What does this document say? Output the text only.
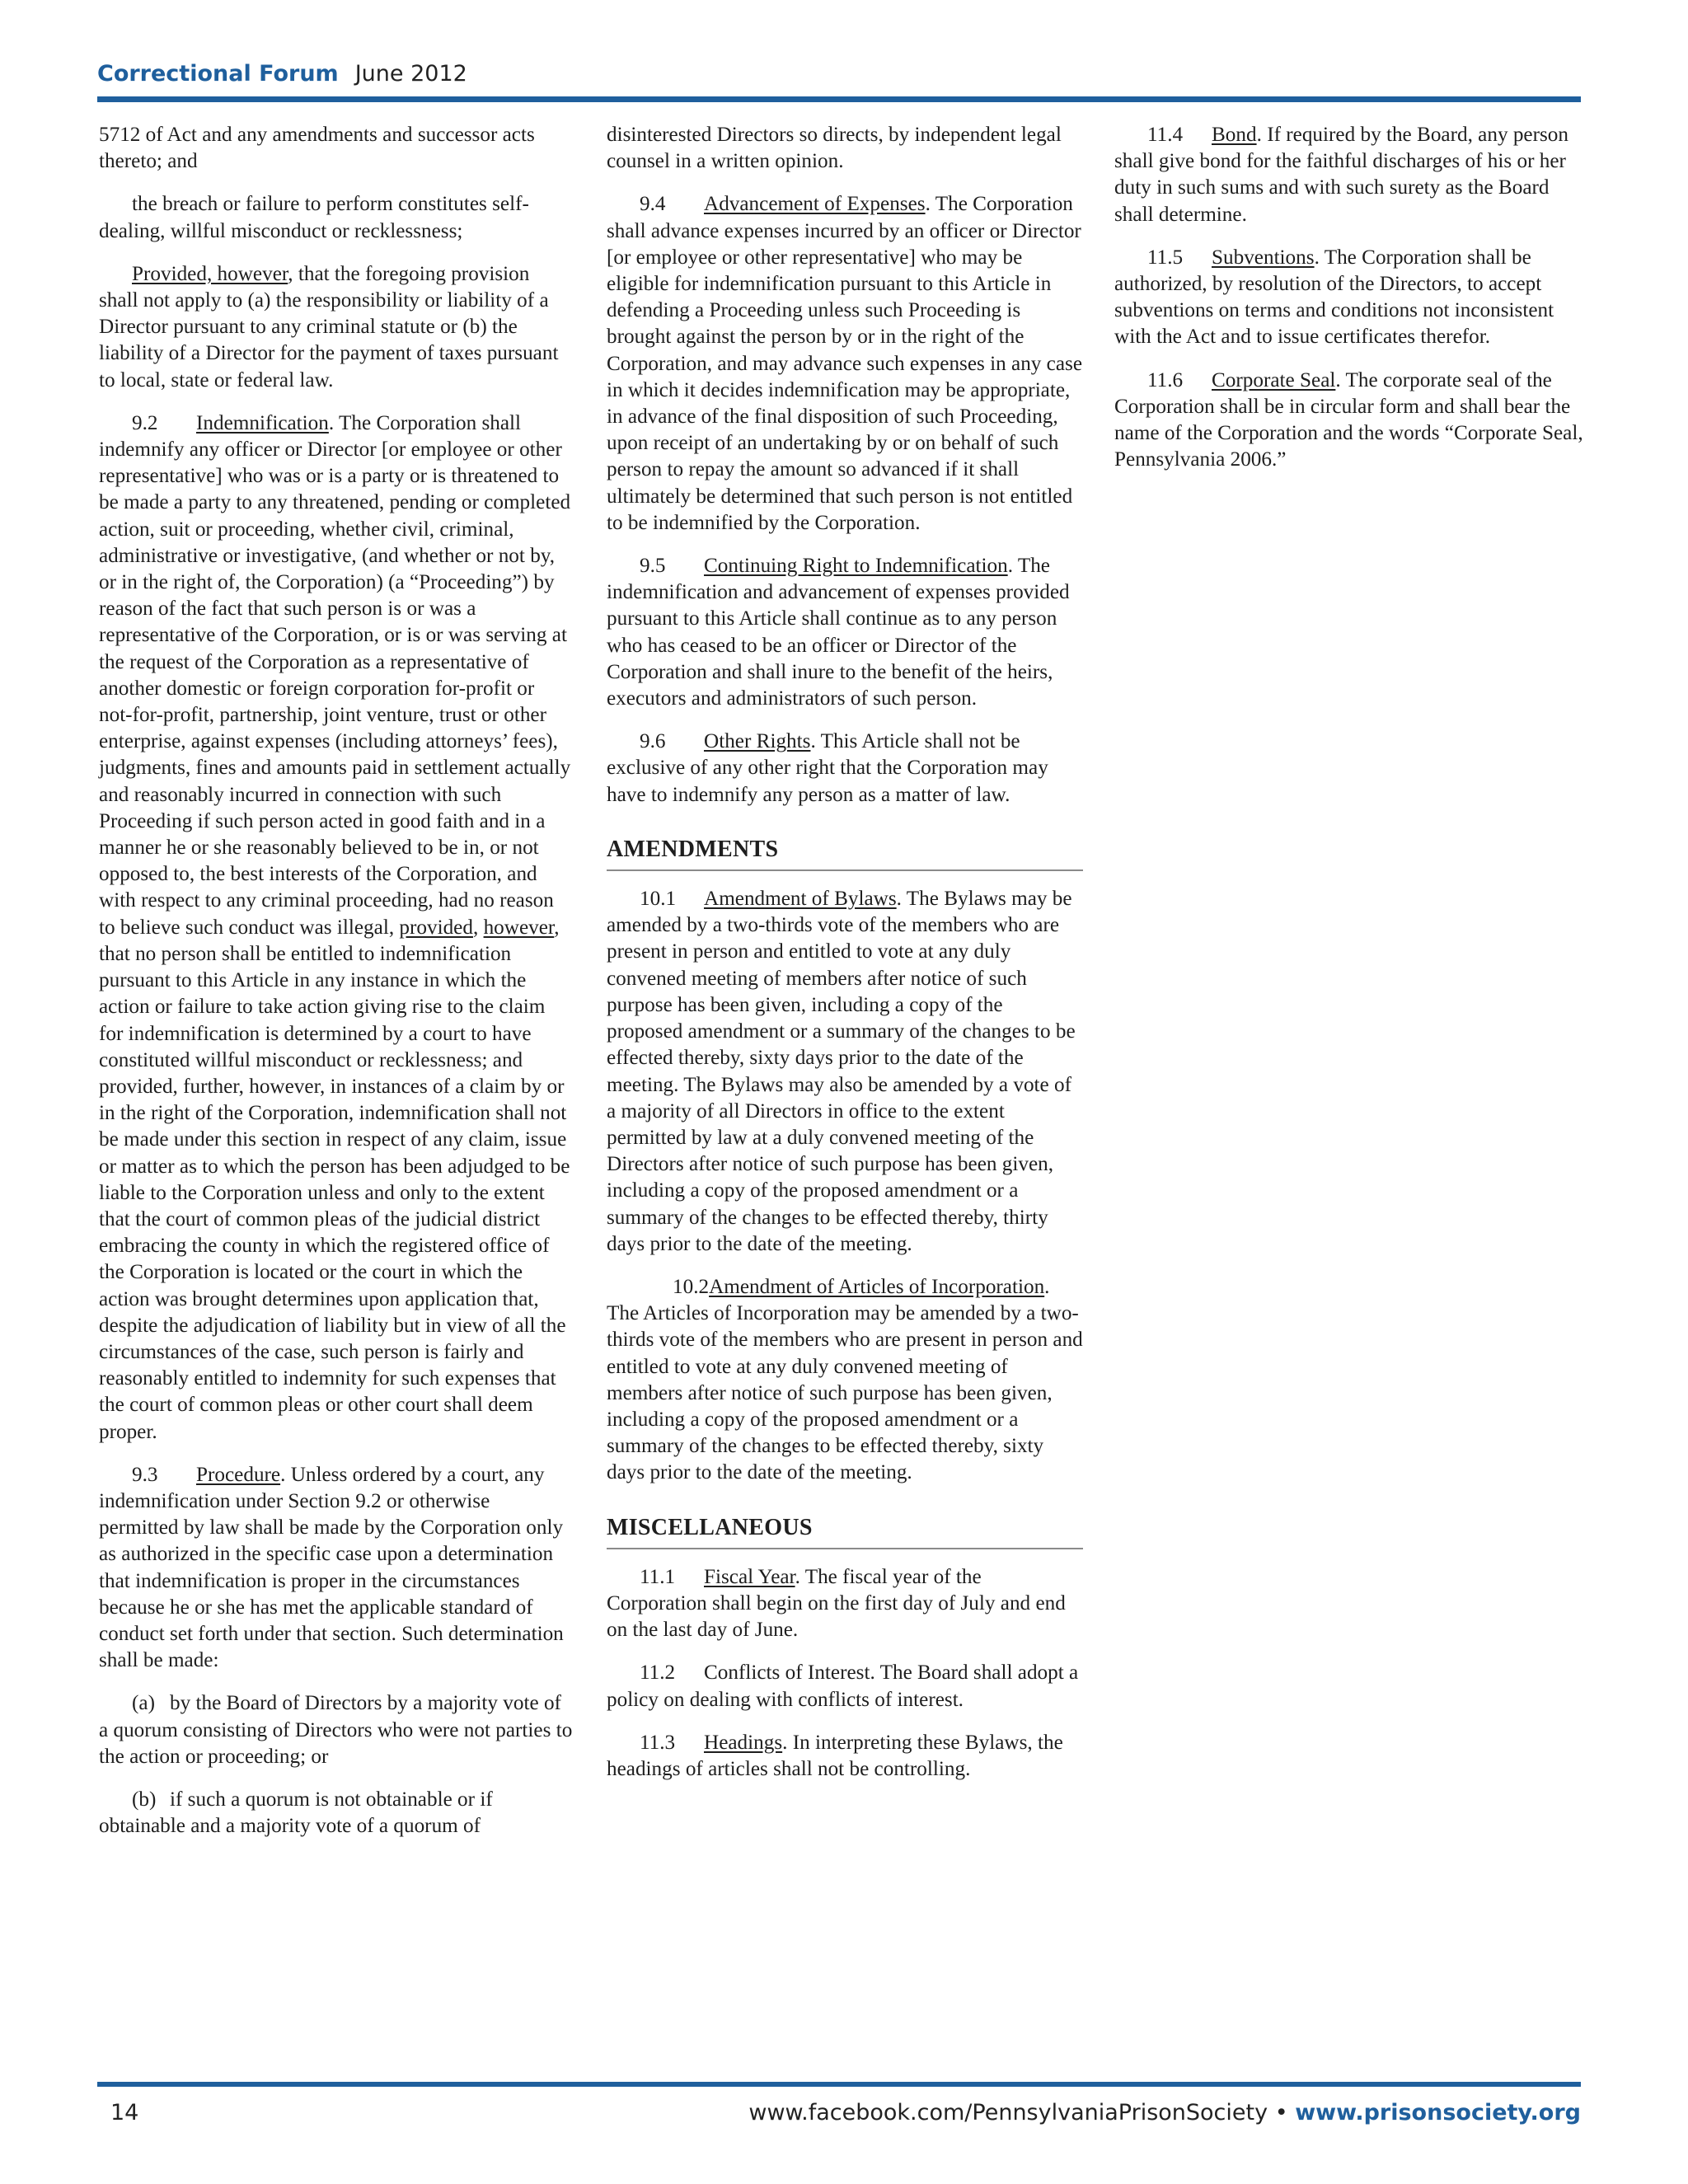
Correctional Forum June 2012

5712 of Act and any amendments and successor acts thereto; and

the breach or failure to perform constitutes self-dealing, willful misconduct or recklessness;

Provided, however, that the foregoing provision shall not apply to (a) the responsibility or liability of a Director pursuant to any criminal statute or (b) the liability of a Director for the payment of taxes pursuant to local, state or federal law.

9.2 Indemnification. The Corporation shall indemnify any officer or Director [or employee or other representative] who was or is a party or is threatened to be made a party to any threatened, pending or completed action, suit or proceeding, whether civil, criminal, administrative or investigative, (and whether or not by, or in the right of, the Corporation) (a “Proceeding”) by reason of the fact that such person is or was a representative of the Corporation, or is or was serving at the request of the Corporation as a representative of another domestic or foreign corporation for-profit or not-for-profit, partnership, joint venture, trust or other enterprise, against expenses (including attorneys’ fees), judgments, fines and amounts paid in settlement actually and reasonably incurred in connection with such Proceeding if such person acted in good faith and in a manner he or she reasonably believed to be in, or not opposed to, the best interests of the Corporation, and with respect to any criminal proceeding, had no reason to believe such conduct was illegal, provided, however, that no person shall be entitled to indemnification pursuant to this Article in any instance in which the action or failure to take action giving rise to the claim for indemnification is determined by a court to have constituted willful misconduct or recklessness; and provided, further, however, in instances of a claim by or in the right of the Corporation, indemnification shall not be made under this section in respect of any claim, issue or matter as to which the person has been adjudged to be liable to the Corporation unless and only to the extent that the court of common pleas of the judicial district embracing the county in which the registered office of the Corporation is located or the court in which the action was brought determines upon application that, despite the adjudication of liability but in view of all the circumstances of the case, such person is fairly and reasonably entitled to indemnity for such expenses that the court of common pleas or other court shall deem proper.

9.3 Procedure. Unless ordered by a court, any indemnification under Section 9.2 or otherwise permitted by law shall be made by the Corporation only as authorized in the specific case upon a determination that indemnification is proper in the circumstances because he or she has met the applicable standard of conduct set forth under that section. Such determination shall be made:

(a) by the Board of Directors by a majority vote of a quorum consisting of Directors who were not parties to the action or proceeding; or

(b) if such a quorum is not obtainable or if obtainable and a majority vote of a quorum of

disinterested Directors so directs, by independent legal counsel in a written opinion.

9.4 Advancement of Expenses. The Corporation shall advance expenses incurred by an officer or Director [or employee or other representative] who may be eligible for indemnification pursuant to this Article in defending a Proceeding unless such Proceeding is brought against the person by or in the right of the Corporation, and may advance such expenses in any case in which it decides indemnification may be appropriate, in advance of the final disposition of such Proceeding, upon receipt of an undertaking by or on behalf of such person to repay the amount so advanced if it shall ultimately be determined that such person is not entitled to be indemnified by the Corporation.

9.5 Continuing Right to Indemnification. The indemnification and advancement of expenses provided pursuant to this Article shall continue as to any person who has ceased to be an officer or Director of the Corporation and shall inure to the benefit of the heirs, executors and administrators of such person.

9.6 Other Rights. This Article shall not be exclusive of any other right that the Corporation may have to indemnify any person as a matter of law.

AMENDMENTS

10.1 Amendment of Bylaws. The Bylaws may be amended by a two-thirds vote of the members who are present in person and entitled to vote at any duly convened meeting of members after notice of such purpose has been given, including a copy of the proposed amendment or a summary of the changes to be effected thereby, sixty days prior to the date of the meeting. The Bylaws may also be amended by a vote of a majority of all Directors in office to the extent permitted by law at a duly convened meeting of the Directors after notice of such purpose has been given, including a copy of the proposed amendment or a summary of the changes to be effected thereby, thirty days prior to the date of the meeting.

10.2Amendment of Articles of Incorporation. The Articles of Incorporation may be amended by a two-thirds vote of the members who are present in person and entitled to vote at any duly convened meeting of members after notice of such purpose has been given, including a copy of the proposed amendment or a summary of the changes to be effected thereby, sixty days prior to the date of the meeting.

MISCELLANEOUS

11.1 Fiscal Year. The fiscal year of the Corporation shall begin on the first day of July and end on the last day of June.

11.2 Conflicts of Interest. The Board shall adopt a policy on dealing with conflicts of interest.

11.3 Headings. In interpreting these Bylaws, the headings of articles shall not be controlling.

11.4 Bond. If required by the Board, any person shall give bond for the faithful discharges of his or her duty in such sums and with such surety as the Board shall determine.

11.5 Subventions. The Corporation shall be authorized, by resolution of the Directors, to accept subventions on terms and conditions not inconsistent with the Act and to issue certificates therefor.

11.6 Corporate Seal. The corporate seal of the Corporation shall be in circular form and shall bear the name of the Corporation and the words “Corporate Seal, Pennsylvania 2006.”

14	www.facebook.com/PennsylvaniaPrisonSociety • www.prisonsociety.org
